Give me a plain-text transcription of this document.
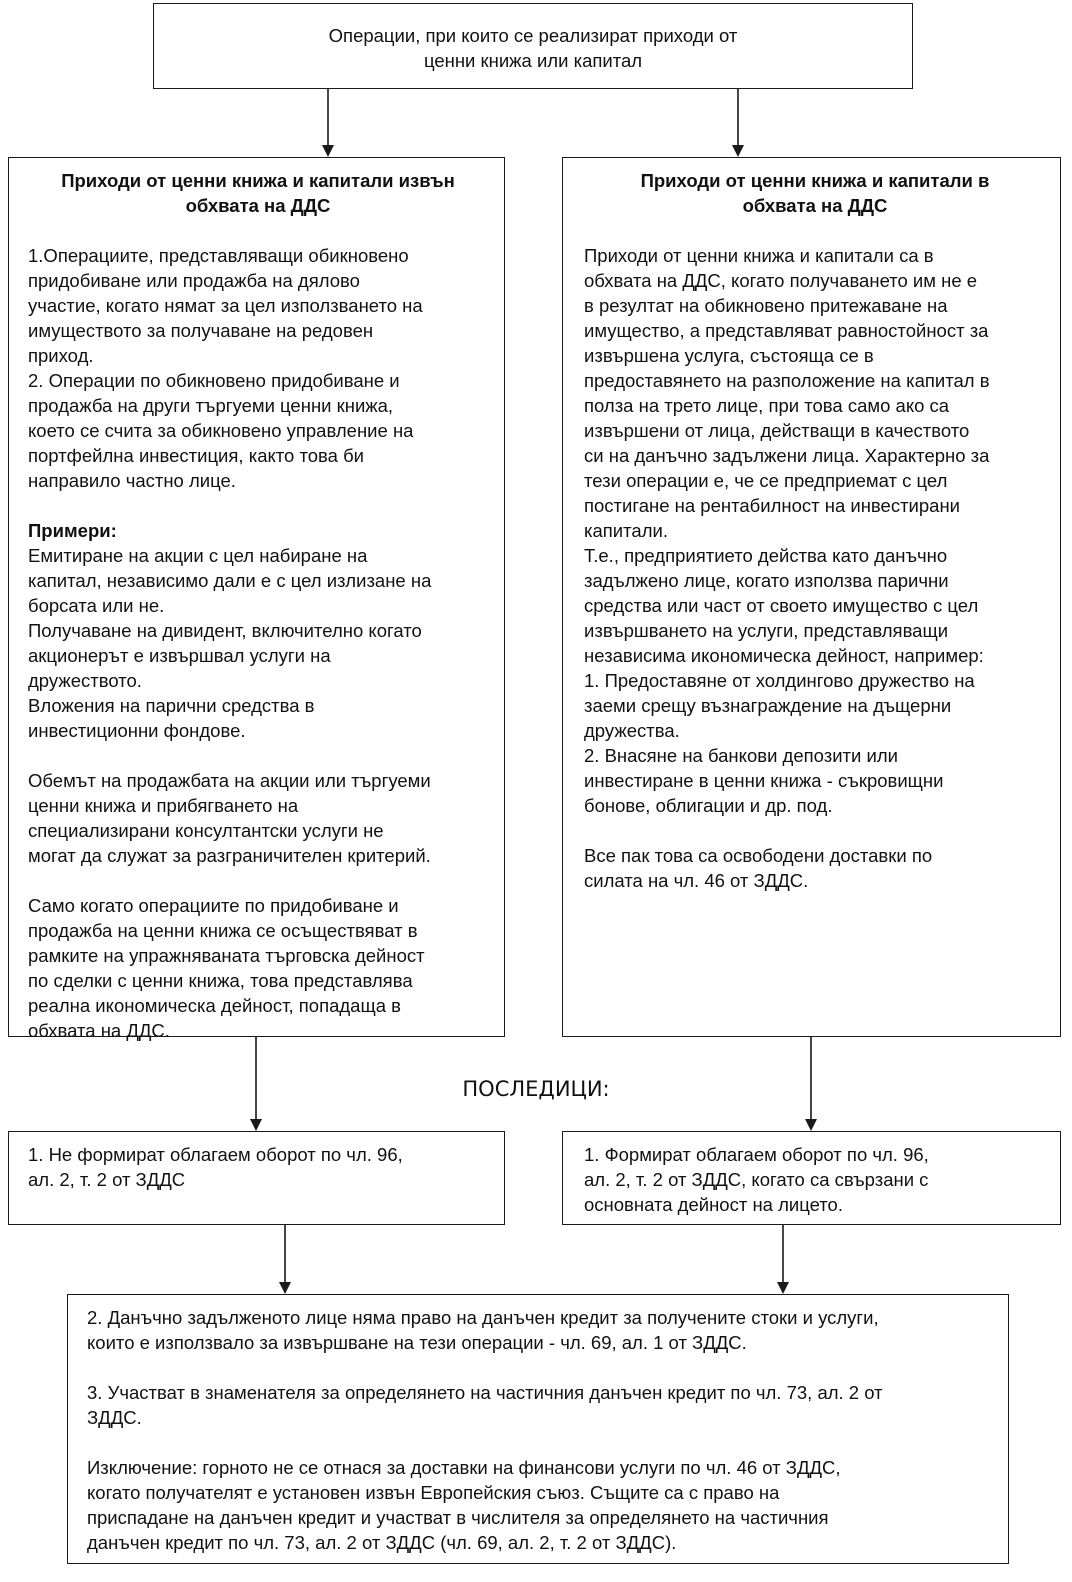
Операции, при които се реализират приходи от
ценни книжа или капитал
Приходи от ценни книжа и капитали извън
обхвата на ДДС
1.Операциите, представляващи обикновено
придобиване или продажба на дялово
участие, когато нямат за цел използването на
имуществото за получаване на редовен
приход.
2. Операции по обикновено придобиване и
продажба на други търгуеми ценни книжа,
което се счита за обикновено управление на
портфейлна инвестиция, както това би
направило частно лице.
Примери:
Емитиране на акции с цел набиране на
капитал, независимо дали е с цел излизане на
борсата или не.
Получаване на дивидент, включително когато
акционерът е извършвал услуги на
дружеството.
Вложения на парични средства в
инвестиционни фондове.
Обемът на продажбата на акции или търгуеми
ценни книжа и прибягването на
специализирани консултантски услуги не
могат да служат за разграничителен критерий.
Само когато операциите по придобиване и
продажба на ценни книжа се осъществяват в
рамките на упражняваната търговска дейност
по сделки с ценни книжа, това представлява
реална икономическа дейност, попадаща в
обхвата на ДДС.
Приходи от ценни книжа и капитали в
обхвата на ДДС
Приходи от ценни книжа и капитали са в
обхвата на ДДС, когато получаването им не е
в резултат на обикновено притежаване на
имущество, а представляват равностойност за
извършена услуга, състояща се в
предоставянето на разположение на капитал в
полза на трето лице, при това само ако са
извършени от лица, действащи в качеството
си на данъчно задължени лица. Характерно за
тези операции е, че се предприемат с цел
постигане на рентабилност на инвестирани
капитали.
Т.е., предприятието действа като данъчно
задължено лице, когато използва парични
средства или част от своето имущество с цел
извършването на услуги, представляващи
независима икономическа дейност, например:
1. Предоставяне от холдингово дружество на
заеми срещу възнаграждение на дъщерни
дружества.
2. Внасяне на банкови депозити или
инвестиране в ценни книжа - съкровищни
бонове, облигации и др. под.
Все пак това са освободени доставки по
силата на чл. 46 от ЗДДС.
ПОСЛЕДИЦИ:
1. Не формират облагаем оборот по чл. 96,
ал. 2, т. 2 от ЗДДС
1. Формират облагаем оборот по чл. 96,
ал. 2, т. 2 от ЗДДС, когато са свързани с
основната дейност на лицето.
2. Данъчно задълженото лице няма право на данъчен кредит за получените стоки и услуги,
които е използвало за извършване на тези операции - чл. 69, ал. 1 от ЗДДС.
3. Участват в знаменателя за определянето на частичния данъчен кредит по чл. 73, ал. 2 от
ЗДДС.
Изключение: горното не се отнася за доставки на финансови услуги по чл. 46 от ЗДДС,
когато получателят е установен извън Европейския съюз. Същите са с право на
приспадане на данъчен кредит и участват в числителя за определянето на частичния
данъчен кредит по чл. 73, ал. 2 от ЗДДС (чл. 69, ал. 2, т. 2 от ЗДДС).
